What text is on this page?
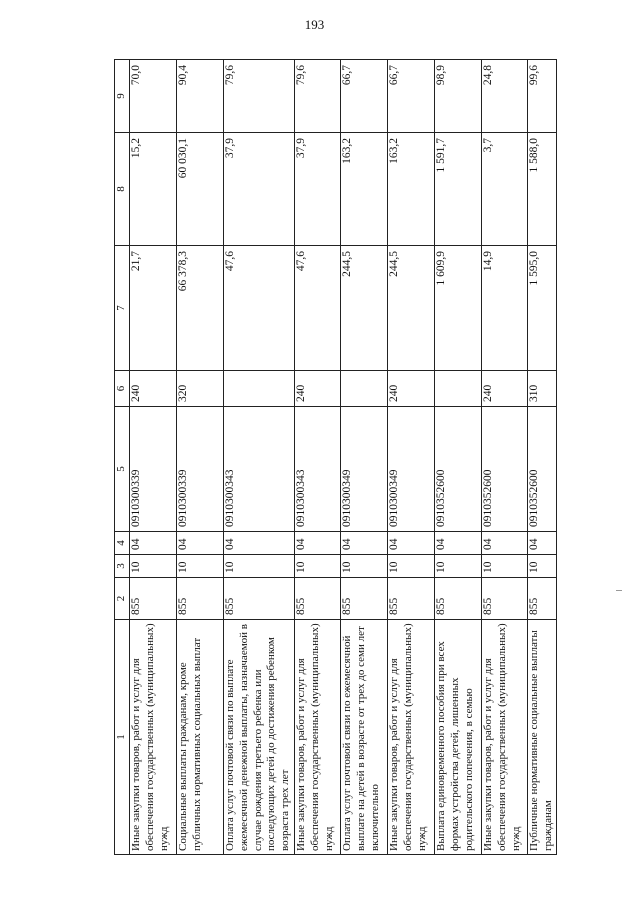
193
1	2	3	4	5	6	7	8	9
Иные закупки товаров, работ и услуг для обеспечения государственных (муниципальных) нужд	855	10	04	0910300339	240	21,7	15,2	70,0
Социальные выплаты гражданам, кроме публичных нормативных социальных выплат	855	10	04	0910300339	320	66 378,3	60 030,1	90,4
Оплата услуг почтовой связи по выплате ежемесячной денежной выплаты, назначаемой в случае рождения третьего ребенка или последующих детей до достижения ребенком возраста трех лет	855	10	04	0910300343		47,6	37,9	79,6
Иные закупки товаров, работ и услуг для обеспечения государственных (муниципальных) нужд	855	10	04	0910300343	240	47,6	37,9	79,6
Оплата услуг почтовой связи по ежемесячной выплате на детей в возрасте от трех до семи лет включительно	855	10	04	0910300349		244,5	163,2	66,7
Иные закупки товаров, работ и услуг для обеспечения государственных (муниципальных) нужд	855	10	04	0910300349	240	244,5	163,2	66,7
Выплата единовременного пособия при всех формах устройства детей, лишенных родительского попечения, в семью	855	10	04	0910352600		1 609,9	1 591,7	98,9
Иные закупки товаров, работ и услуг для обеспечения государственных (муниципальных) нужд	855	10	04	0910352600	240	14,9	3,7	24,8
Публичные нормативные социальные выплаты гражданам	855	10	04	0910352600	310	1 595,0	1 588,0	99,6
